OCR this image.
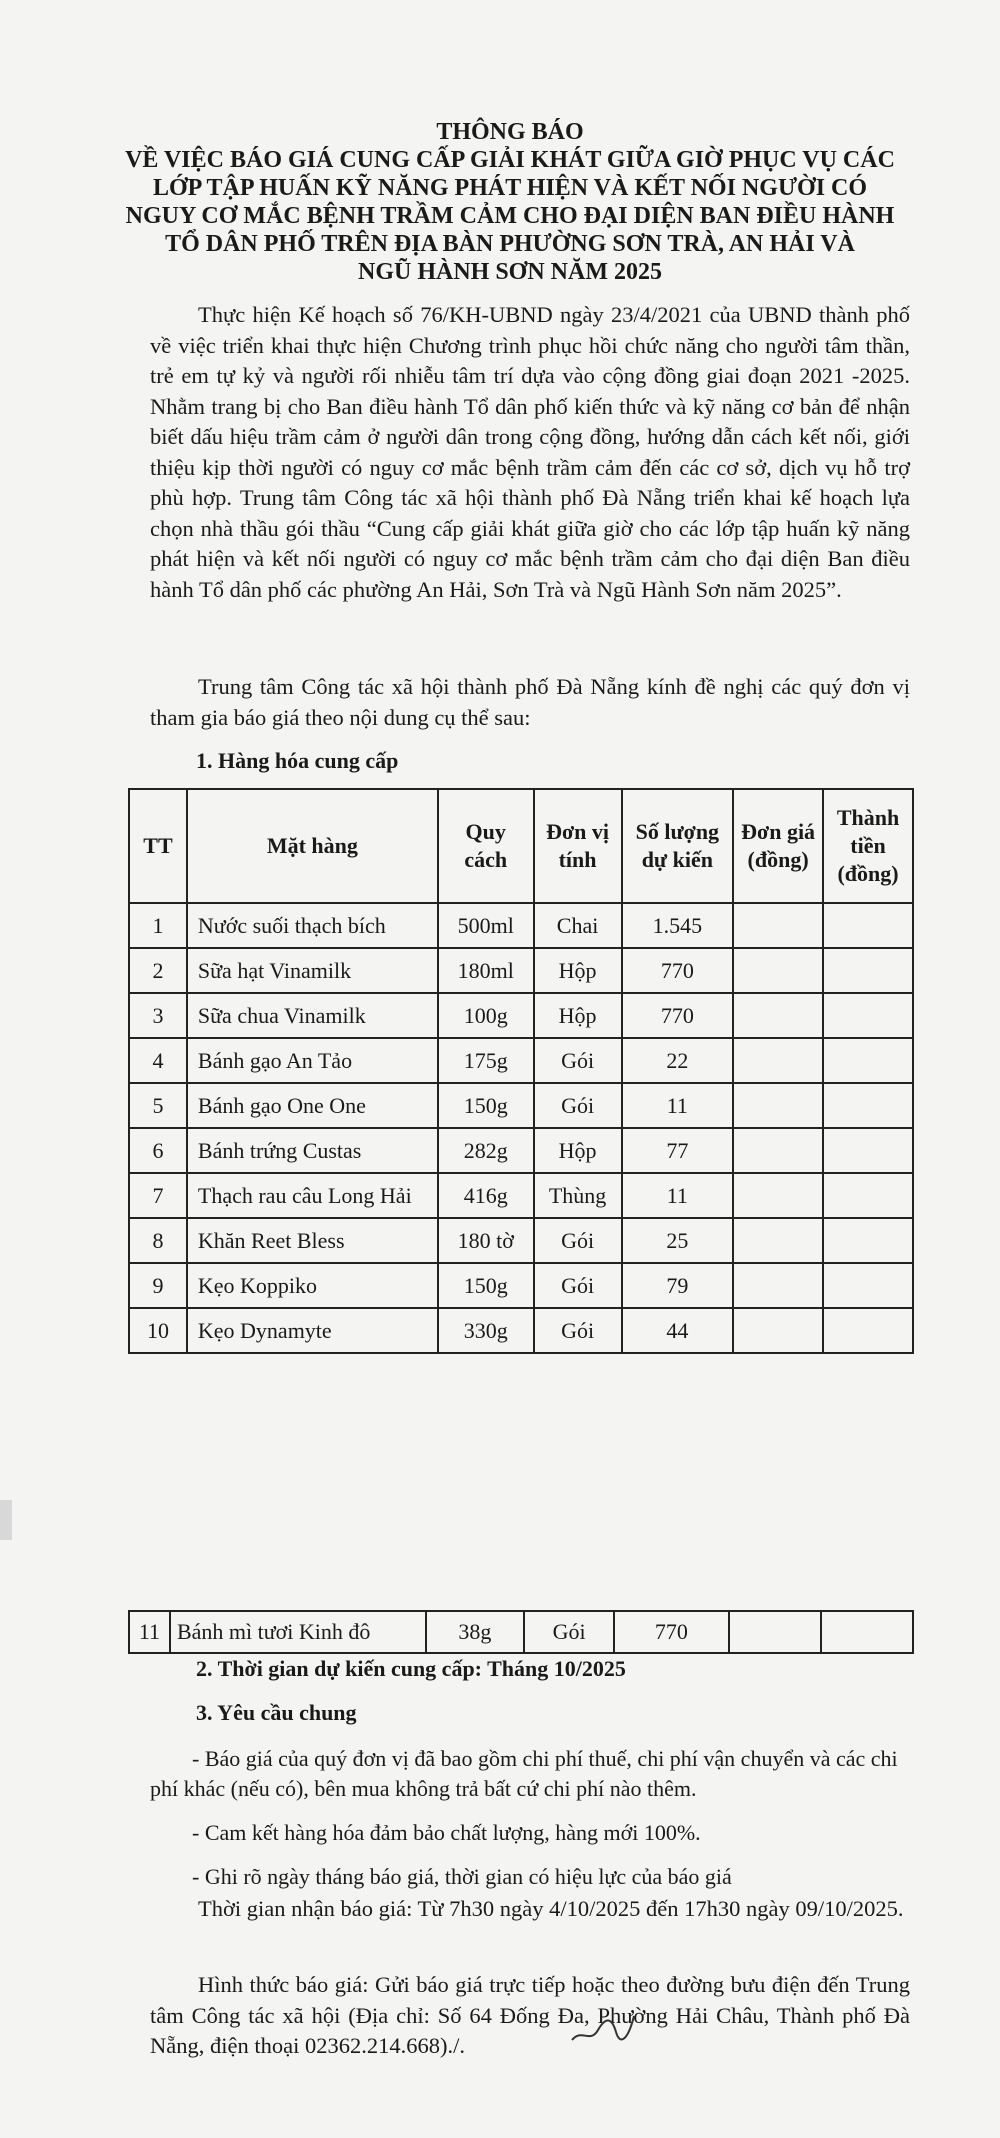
THÔNG BÁO
VỀ VIỆC BÁO GIÁ CUNG CẤP GIẢI KHÁT GIỮA GIỜ PHỤC VỤ CÁC
LỚP TẬP HUẤN KỸ NĂNG PHÁT HIỆN VÀ KẾT NỐI NGƯỜI CÓ
NGUY CƠ MẮC BỆNH TRẦM CẢM CHO ĐẠI DIỆN BAN ĐIỀU HÀNH
TỔ DÂN PHỐ TRÊN ĐỊA BÀN PHƯỜNG SƠN TRÀ, AN HẢI VÀ
NGŨ HÀNH SƠN NĂM 2025
Thực hiện Kế hoạch số 76/KH-UBND ngày 23/4/2021 của UBND thành phố về việc triển khai thực hiện Chương trình phục hồi chức năng cho người tâm thần, trẻ em tự kỷ và người rối nhiễu tâm trí dựa vào cộng đồng giai đoạn 2021 -2025. Nhằm trang bị cho Ban điều hành Tổ dân phố kiến thức và kỹ năng cơ bản để nhận biết dấu hiệu trầm cảm ở người dân trong cộng đồng, hướng dẫn cách kết nối, giới thiệu kịp thời người có nguy cơ mắc bệnh trầm cảm đến các cơ sở, dịch vụ hỗ trợ phù hợp. Trung tâm Công tác xã hội thành phố Đà Nẵng triển khai kế hoạch lựa chọn nhà thầu gói thầu “Cung cấp giải khát giữa giờ cho các lớp tập huấn kỹ năng phát hiện và kết nối người có nguy cơ mắc bệnh trầm cảm cho đại diện Ban điều hành Tổ dân phố các phường An Hải, Sơn Trà và Ngũ Hành Sơn năm 2025”.
Trung tâm Công tác xã hội thành phố Đà Nẵng kính đề nghị các quý đơn vị tham gia báo giá theo nội dung cụ thể sau:
1. Hàng hóa cung cấp
TT	Mặt hàng	Quy cách	Đơn vị tính	Số lượng dự kiến	Đơn giá (đồng)	Thành tiền (đồng)
1	Nước suối thạch bích	500ml	Chai	1.545		
2	Sữa hạt Vinamilk	180ml	Hộp	770		
3	Sữa chua Vinamilk	100g	Hộp	770		
4	Bánh gạo An Tảo	175g	Gói	22		
5	Bánh gạo One One	150g	Gói	11		
6	Bánh trứng Custas	282g	Hộp	77		
7	Thạch rau câu Long Hải	416g	Thùng	11		
8	Khăn Reet Bless	180 tờ	Gói	25		
9	Kẹo Koppiko	150g	Gói	79		
10	Kẹo Dynamyte	330g	Gói	44		
11	Bánh mì tươi Kinh đô	38g	Gói	770		
2. Thời gian dự kiến cung cấp: Tháng 10/2025
3. Yêu cầu chung
- Báo giá của quý đơn vị đã bao gồm chi phí thuế, chi phí vận chuyển và các chi phí khác (nếu có), bên mua không trả bất cứ chi phí nào thêm.
- Cam kết hàng hóa đảm bảo chất lượng, hàng mới 100%.
- Ghi rõ ngày tháng báo giá, thời gian có hiệu lực của báo giá
Thời gian nhận báo giá: Từ 7h30 ngày 4/10/2025 đến 17h30 ngày 09/10/2025.
Hình thức báo giá: Gửi báo giá trực tiếp hoặc theo đường bưu điện đến Trung tâm Công tác xã hội (Địa chỉ: Số 64 Đống Đa, Phường Hải Châu, Thành phố Đà Nẵng, điện thoại 02362.214.668)./.
